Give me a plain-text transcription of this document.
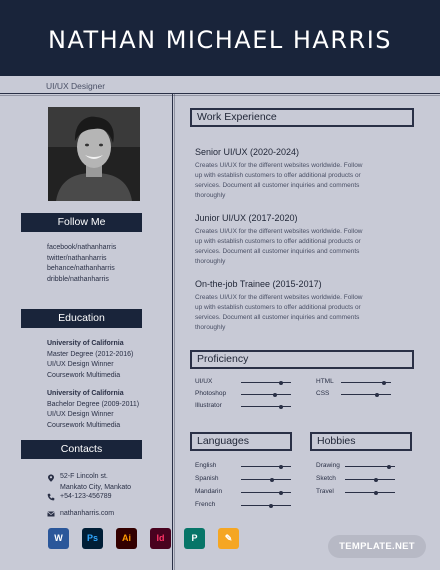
NATHAN MICHAEL HARRIS
UI/UX Designer
Follow Me
facebook/nathanharris
twitter/nathanharris
behance/nathanharris
dribble/nathanharris
Education
University of California
Master Degree (2012-2016)
UI/UX Design Winner
Coursework Multimedia
University of California
Bachelor Degree (2009-2011)
UI/UX Design Winner
Coursework Multimedia
Contacts
52-F Lincoln st.
Mankato City, Mankato
+54-123-456789
nathanharris.com
W	Ps	Ai	Id	P	✎
Work Experience
Senior UI/UX (2020-2024)
Creates UI/UX for the different websites worldwide. Follow
up with establish customers to offer additional products or
services. Document all customer inquiries and comments
thoroughly
Junior UI/UX (2017-2020)
Creates UI/UX for the different websites worldwide. Follow
up with establish customers to offer additional products or
services. Document all customer inquiries and comments
thoroughly
On-the-job Trainee (2015-2017)
Creates UI/UX for the different websites worldwide. Follow
up with establish customers to offer additional products or
services. Document all customer inquiries and comments
thoroughly
Proficiency
UI/UX
Photoshop
Illustrator
HTML
CSS
Languages	Hobbies
English
Spanish
Mandarin
French
Drawing
Sketch
Travel
TEMPLATE.NET
